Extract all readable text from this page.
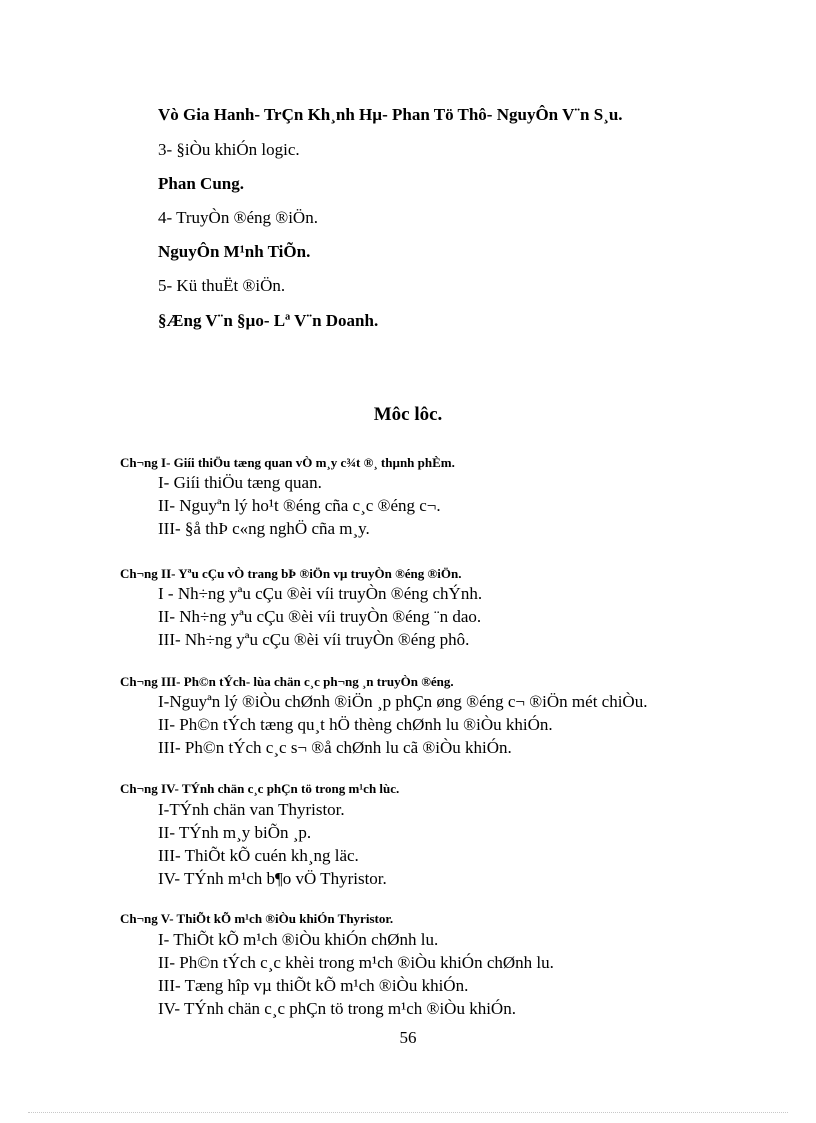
Vò Gia Hanh- TrÇn Kh¸nh Hµ- Phan Tö Thô- NguyÔn V¨n S¸u.
3- §iÒu khiÓn logic.
Phan Cung.
4- TruyÒn ®éng ®iÖn.
NguyÔn M¹nh TiÕn.
5- Kü thuËt ®iÖn.
§Æng V¨n §µo- Lª V¨n Doanh.
Môc lôc.
Ch¬ng I- Giíi thiÖu tæng quan vÒ m¸y c¾t ®¸ thµnh phÈm.
I- Giíi thiÖu tæng quan.
II- Nguyªn lý ho¹t ®éng cña c¸c ®éng c¬.
III- §å thÞ c«ng nghÖ cña m¸y.
Ch¬ng II- Yªu cÇu vÒ trang bÞ ®iÖn vµ truyÒn ®éng ®iÖn.
I - Nh÷ng yªu cÇu ®èi víi truyÒn ®éng chÝnh.
II- Nh÷ng yªu cÇu ®èi víi truyÒn ®éng ¨n dao.
III- Nh÷ng yªu cÇu ®èi víi truyÒn ®éng phô.
Ch¬ng III- Ph©n tÝch- lùa chän c¸c ph¬ng ¸n truyÒn ®éng.
I-Nguyªn lý ®iÒu chØnh ®iÖn ¸p phÇn øng ®éng c¬ ®iÖn mét chiÒu.
II- Ph©n tÝch tæng qu¸t hÖ thèng chØnh lu ®iÒu khiÓn.
III- Ph©n tÝch c¸c s¬ ®å chØnh lu cã ®iÒu khiÓn.
Ch¬ng IV- TÝnh chän c¸c phÇn tö trong m¹ch lùc.
I-TÝnh chän van Thyristor.
II- TÝnh m¸y biÕn ¸p.
III- ThiÕt kÕ cuén kh¸ng läc.
IV- TÝnh m¹ch b¶o vÖ Thyristor.
Ch¬ng V- ThiÕt kÕ m¹ch ®iÒu khiÓn Thyristor.
I- ThiÕt kÕ m¹ch ®iÒu khiÓn chØnh lu.
II- Ph©n tÝch c¸c khèi trong m¹ch ®iÒu khiÓn chØnh lu.
III- Tæng hîp vµ thiÕt kÕ m¹ch ®iÒu khiÓn.
IV- TÝnh chän c¸c phÇn tö trong m¹ch ®iÒu khiÓn.
56
